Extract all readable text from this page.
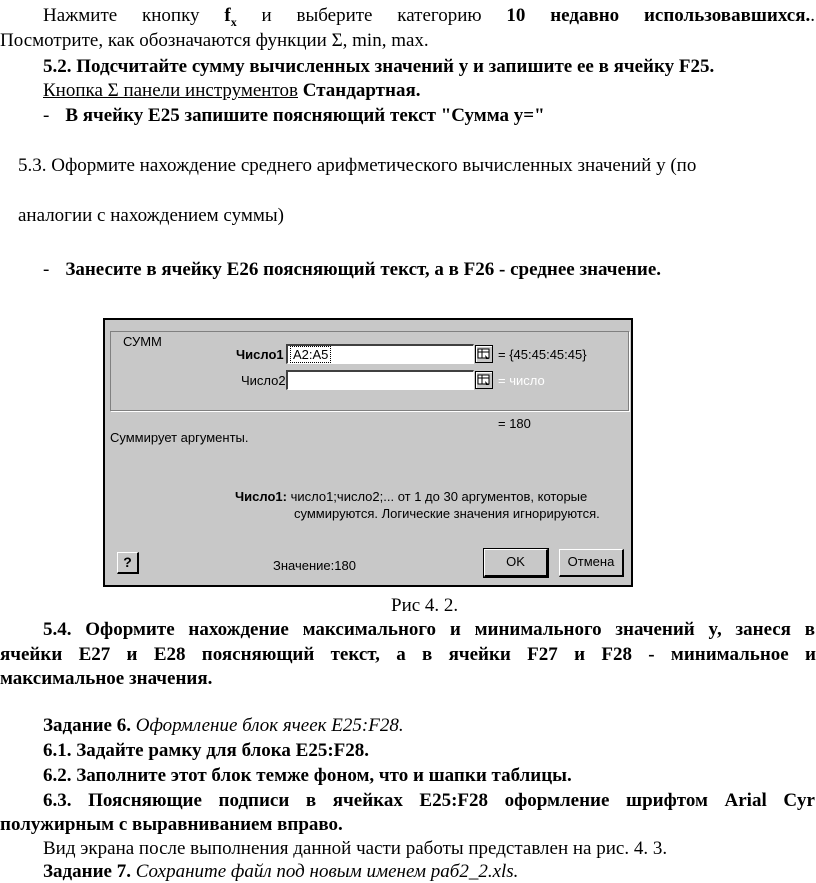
Нажмите кнопку $f_x$ и выберите категорию 10 недавно использовавшихся..
Посмотрите, как обозначаются функции Σ, min, max.
5.2. Подсчитайте сумму вычисленных значений y и запишите ее в ячейку F25.
Кнопка Σ панели инструментов Стандартная.
- В ячейку E25 запишите поясняющий текст "Сумма y="
5.3. Оформите нахождение среднего арифметического вычисленных значений y (по
аналогии с нахождением суммы)
- Занесите в ячейку E26 поясняющий текст, а в F26 - среднее значение.
СУММ
Число1 A2:A5	= {45:45:45:45}
Число2	= число
= 180
Суммирует аргументы.
Число1: число1;число2;... от 1 до 30 аргументов, которые
суммируются. Логические значения игнорируются.
?	Значение:180	OK	Отмена
Рис 4. 2.
5.4. Оформите нахождение максимального и минимального значений y, занеся в
ячейки E27 и E28 поясняющий текст, а в ячейки F27 и F28 - минимальное и
максимальное значения.
Задание 6. Оформление блок ячеек E25:F28.
6.1. Задайте рамку для блока E25:F28.
6.2. Заполните этот блок темже фоном, что и шапки таблицы.
6.3. Поясняющие подписи в ячейках E25:F28 оформление шрифтом Arial Cyr
полужирным с выравниванием вправо.
Вид экрана после выполнения данной части работы представлен на рис. 4. 3.
Задание 7. Сохраните файл под новым именем раб2_2.xls.
